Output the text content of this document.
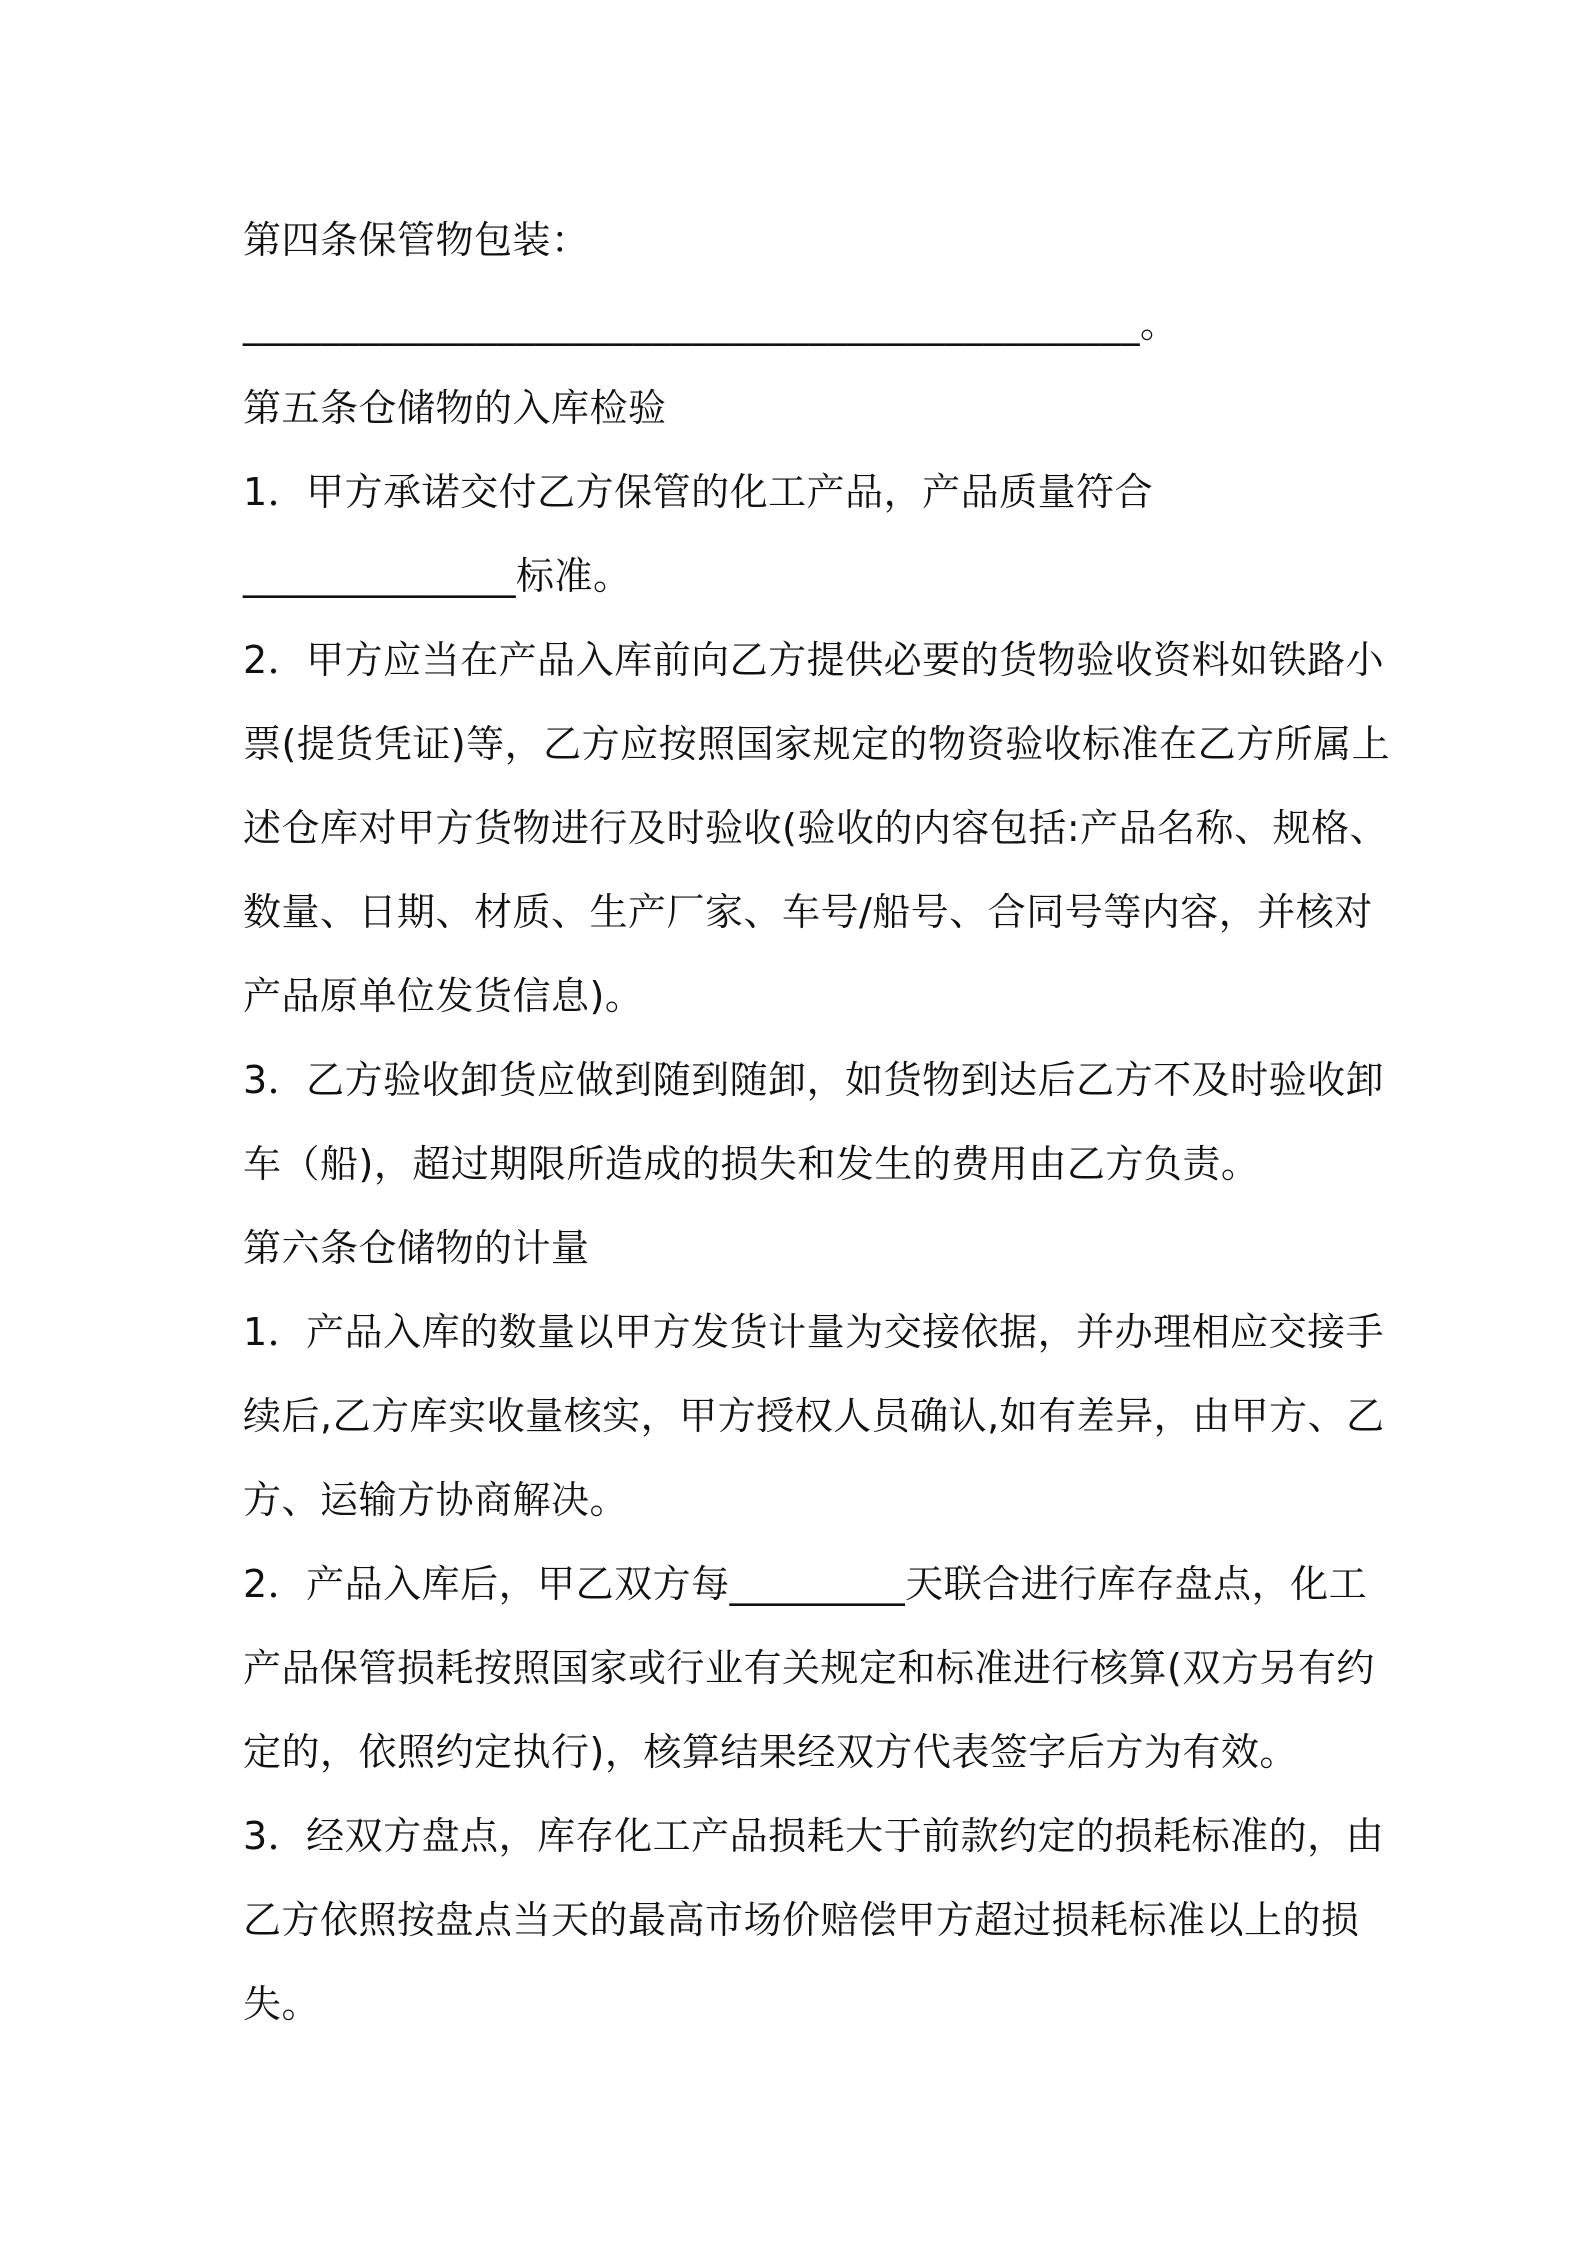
第四条保管物包装：

______________________________________________。

第五条仓储物的入库检验

1．甲方承诺交付乙方保管的化工产品，产品质量符合

______________标准。

2．甲方应当在产品入库前向乙方提供必要的货物验收资料如铁路小

票(提货凭证)等，乙方应按照国家规定的物资验收标准在乙方所属上

述仓库对甲方货物进行及时验收(验收的内容包括:产品名称、规格、

数量、日期、材质、生产厂家、车号/船号、合同号等内容，并核对

产品原单位发货信息)。

3．乙方验收卸货应做到随到随卸，如货物到达后乙方不及时验收卸

车（船)，超过期限所造成的损失和发生的费用由乙方负责。

第六条仓储物的计量

1．产品入库的数量以甲方发货计量为交接依据，并办理相应交接手

续后,乙方库实收量核实，甲方授权人员确认,如有差异，由甲方、乙

方、运输方协商解决。

2．产品入库后，甲乙双方每_________天联合进行库存盘点，化工

产品保管损耗按照国家或行业有关规定和标准进行核算(双方另有约

定的，依照约定执行)，核算结果经双方代表签字后方为有效。

3．经双方盘点，库存化工产品损耗大于前款约定的损耗标准的，由

乙方依照按盘点当天的最高市场价赔偿甲方超过损耗标准以上的损

失。
